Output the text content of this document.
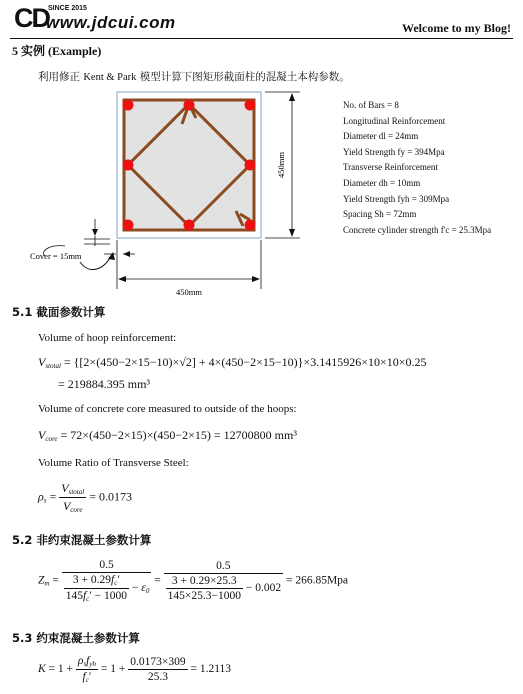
CD SINCE 2015
www.jdcui.com	Welcome to my Blog!
5 实例 (Example)
利用修正 Kent & Park 模型计算下图矩形截面柱的混凝土本构参数。
450mm
450mm
Cover = 15mm
No. of Bars = 8
Longitudinal Reinforcement
Diameter dl = 24mm
Yield Strength fy = 394Mpa
Transverse Reinforcement
Diameter dh = 10mm
Yield Strength fyh = 309Mpa
Spacing Sh = 72mm
Concrete cylinder strength f'c = 25.3Mpa
5.1 截面参数计算
Volume of hoop reinforcement:
$V_{stotal} = \{[2\times(450-2\times 15-10)\times√2] + 4\times(450-2\times 15-10)\}\times 3.1415926\times 10\times 10\times 0.25$
= 219884.395 mm³
Volume of concrete core measured to outside of the hoops:
$V_{core} = 72\times(450-2\times 15)\times(450-2\times 15) = 12700800$ mm³
Volume Ratio of Transverse Steel:
$\rho_s = \frac{V_{stotal}}{V_{core}} = 0.0173$
5.2 非约束混凝土参数计算
$Z_m = \frac{0.5}{\frac{3 + 0.29f_c'}{145f_c' - 1000} - \varepsilon_0} = \frac{0.5}{\frac{3 + 0.29\times 25.3}{145\times 25.3-1000} - 0.002} = 266.85Mpa$
5.3 约束混凝土参数计算
$K = 1 + \frac{\rho_sf_{yh}}{f_c'} = 1 + \frac{0.0173\times 309}{25.3} = 1.2113$
